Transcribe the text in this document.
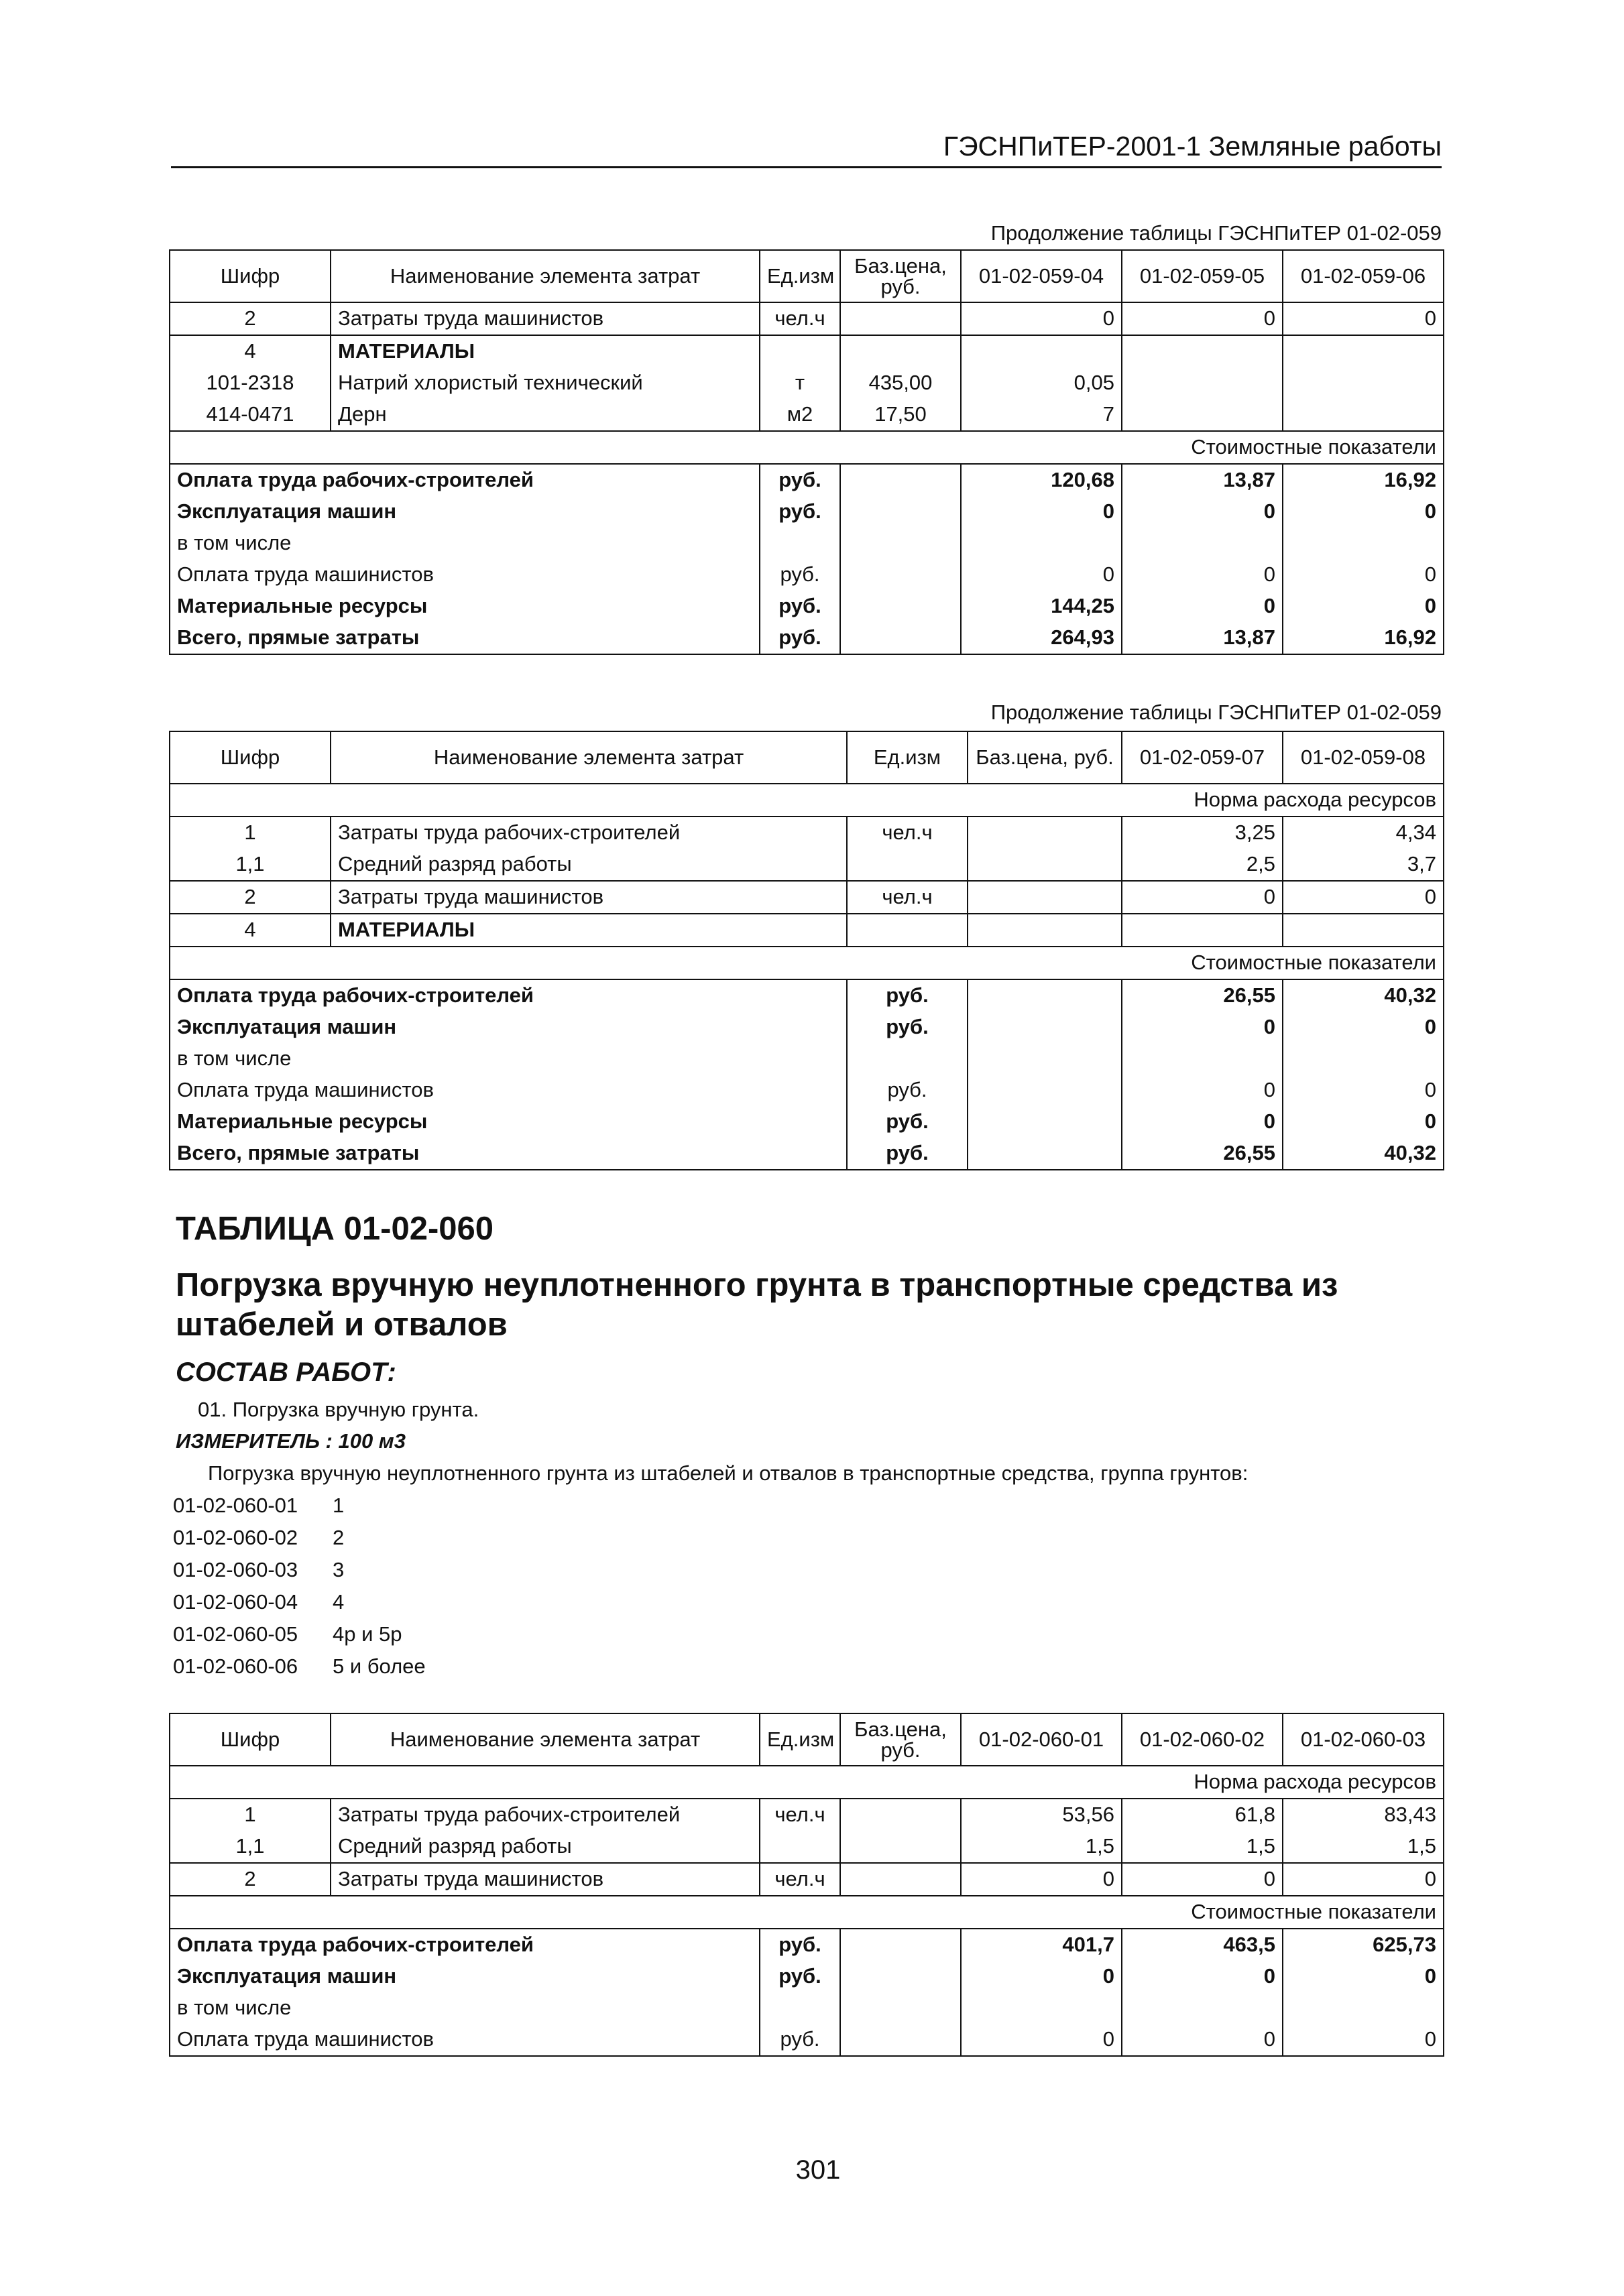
ГЭСНПиТЕР-2001-1 Земляные работы
Продолжение таблицы ГЭСНПиТЕР 01-02-059
Шифр	Наименование элемента затрат	Ед.изм	Баз.цена, руб.	01-02-059-04	01-02-059-05	01-02-059-06
2	Затраты труда машинистов	чел.ч		0	0	0
4	МАТЕРИАЛЫ					
101-2318	Натрий хлористый технический	т	435,00	0,05		
414-0471	Дерн	м2	17,50	7		
Стоимостные показатели						
Оплата труда рабочих-строителей		руб.		120,68	13,87	16,92
Эксплуатация машин		руб.		0	0	0
в том числе						
Оплата труда машинистов		руб.		0	0	0
Материальные ресурсы		руб.		144,25	0	0
Всего, прямые затраты		руб.		264,93	13,87	16,92
Продолжение таблицы ГЭСНПиТЕР 01-02-059
Шифр	Наименование элемента затрат	Ед.изм	Баз.цена, руб.	01-02-059-07	01-02-059-08
Норма расхода ресурсов					
1	Затраты труда рабочих-строителей	чел.ч		3,25	4,34
1,1	Средний разряд работы			2,5	3,7
2	Затраты труда машинистов	чел.ч		0	0
4	МАТЕРИАЛЫ				
Стоимостные показатели					
Оплата труда рабочих-строителей		руб.		26,55	40,32
Эксплуатация машин		руб.		0	0
в том числе					
Оплата труда машинистов		руб.		0	0
Материальные ресурсы		руб.		0	0
Всего, прямые затраты		руб.		26,55	40,32
ТАБЛИЦА 01-02-060
Погрузка вручную неуплотненного грунта в транспортные средства из штабелей и отвалов
СОСТАВ РАБОТ:
01. Погрузка вручную грунта.
ИЗМЕРИТЕЛЬ : 100 м3
Погрузка вручную неуплотненного грунта из штабелей и отвалов в транспортные средства, группа грунтов:
01-02-060-01 1
01-02-060-02 2
01-02-060-03 3
01-02-060-04 4
01-02-060-05 4р и 5р
01-02-060-06 5 и более
Шифр	Наименование элемента затрат	Ед.изм	Баз.цена, руб.	01-02-060-01	01-02-060-02	01-02-060-03
Норма расхода ресурсов						
1	Затраты труда рабочих-строителей	чел.ч		53,56	61,8	83,43
1,1	Средний разряд работы			1,5	1,5	1,5
2	Затраты труда машинистов	чел.ч		0	0	0
Стоимостные показатели						
Оплата труда рабочих-строителей		руб.		401,7	463,5	625,73
Эксплуатация машин		руб.		0	0	0
в том числе						
Оплата труда машинистов		руб.		0	0	0
301
